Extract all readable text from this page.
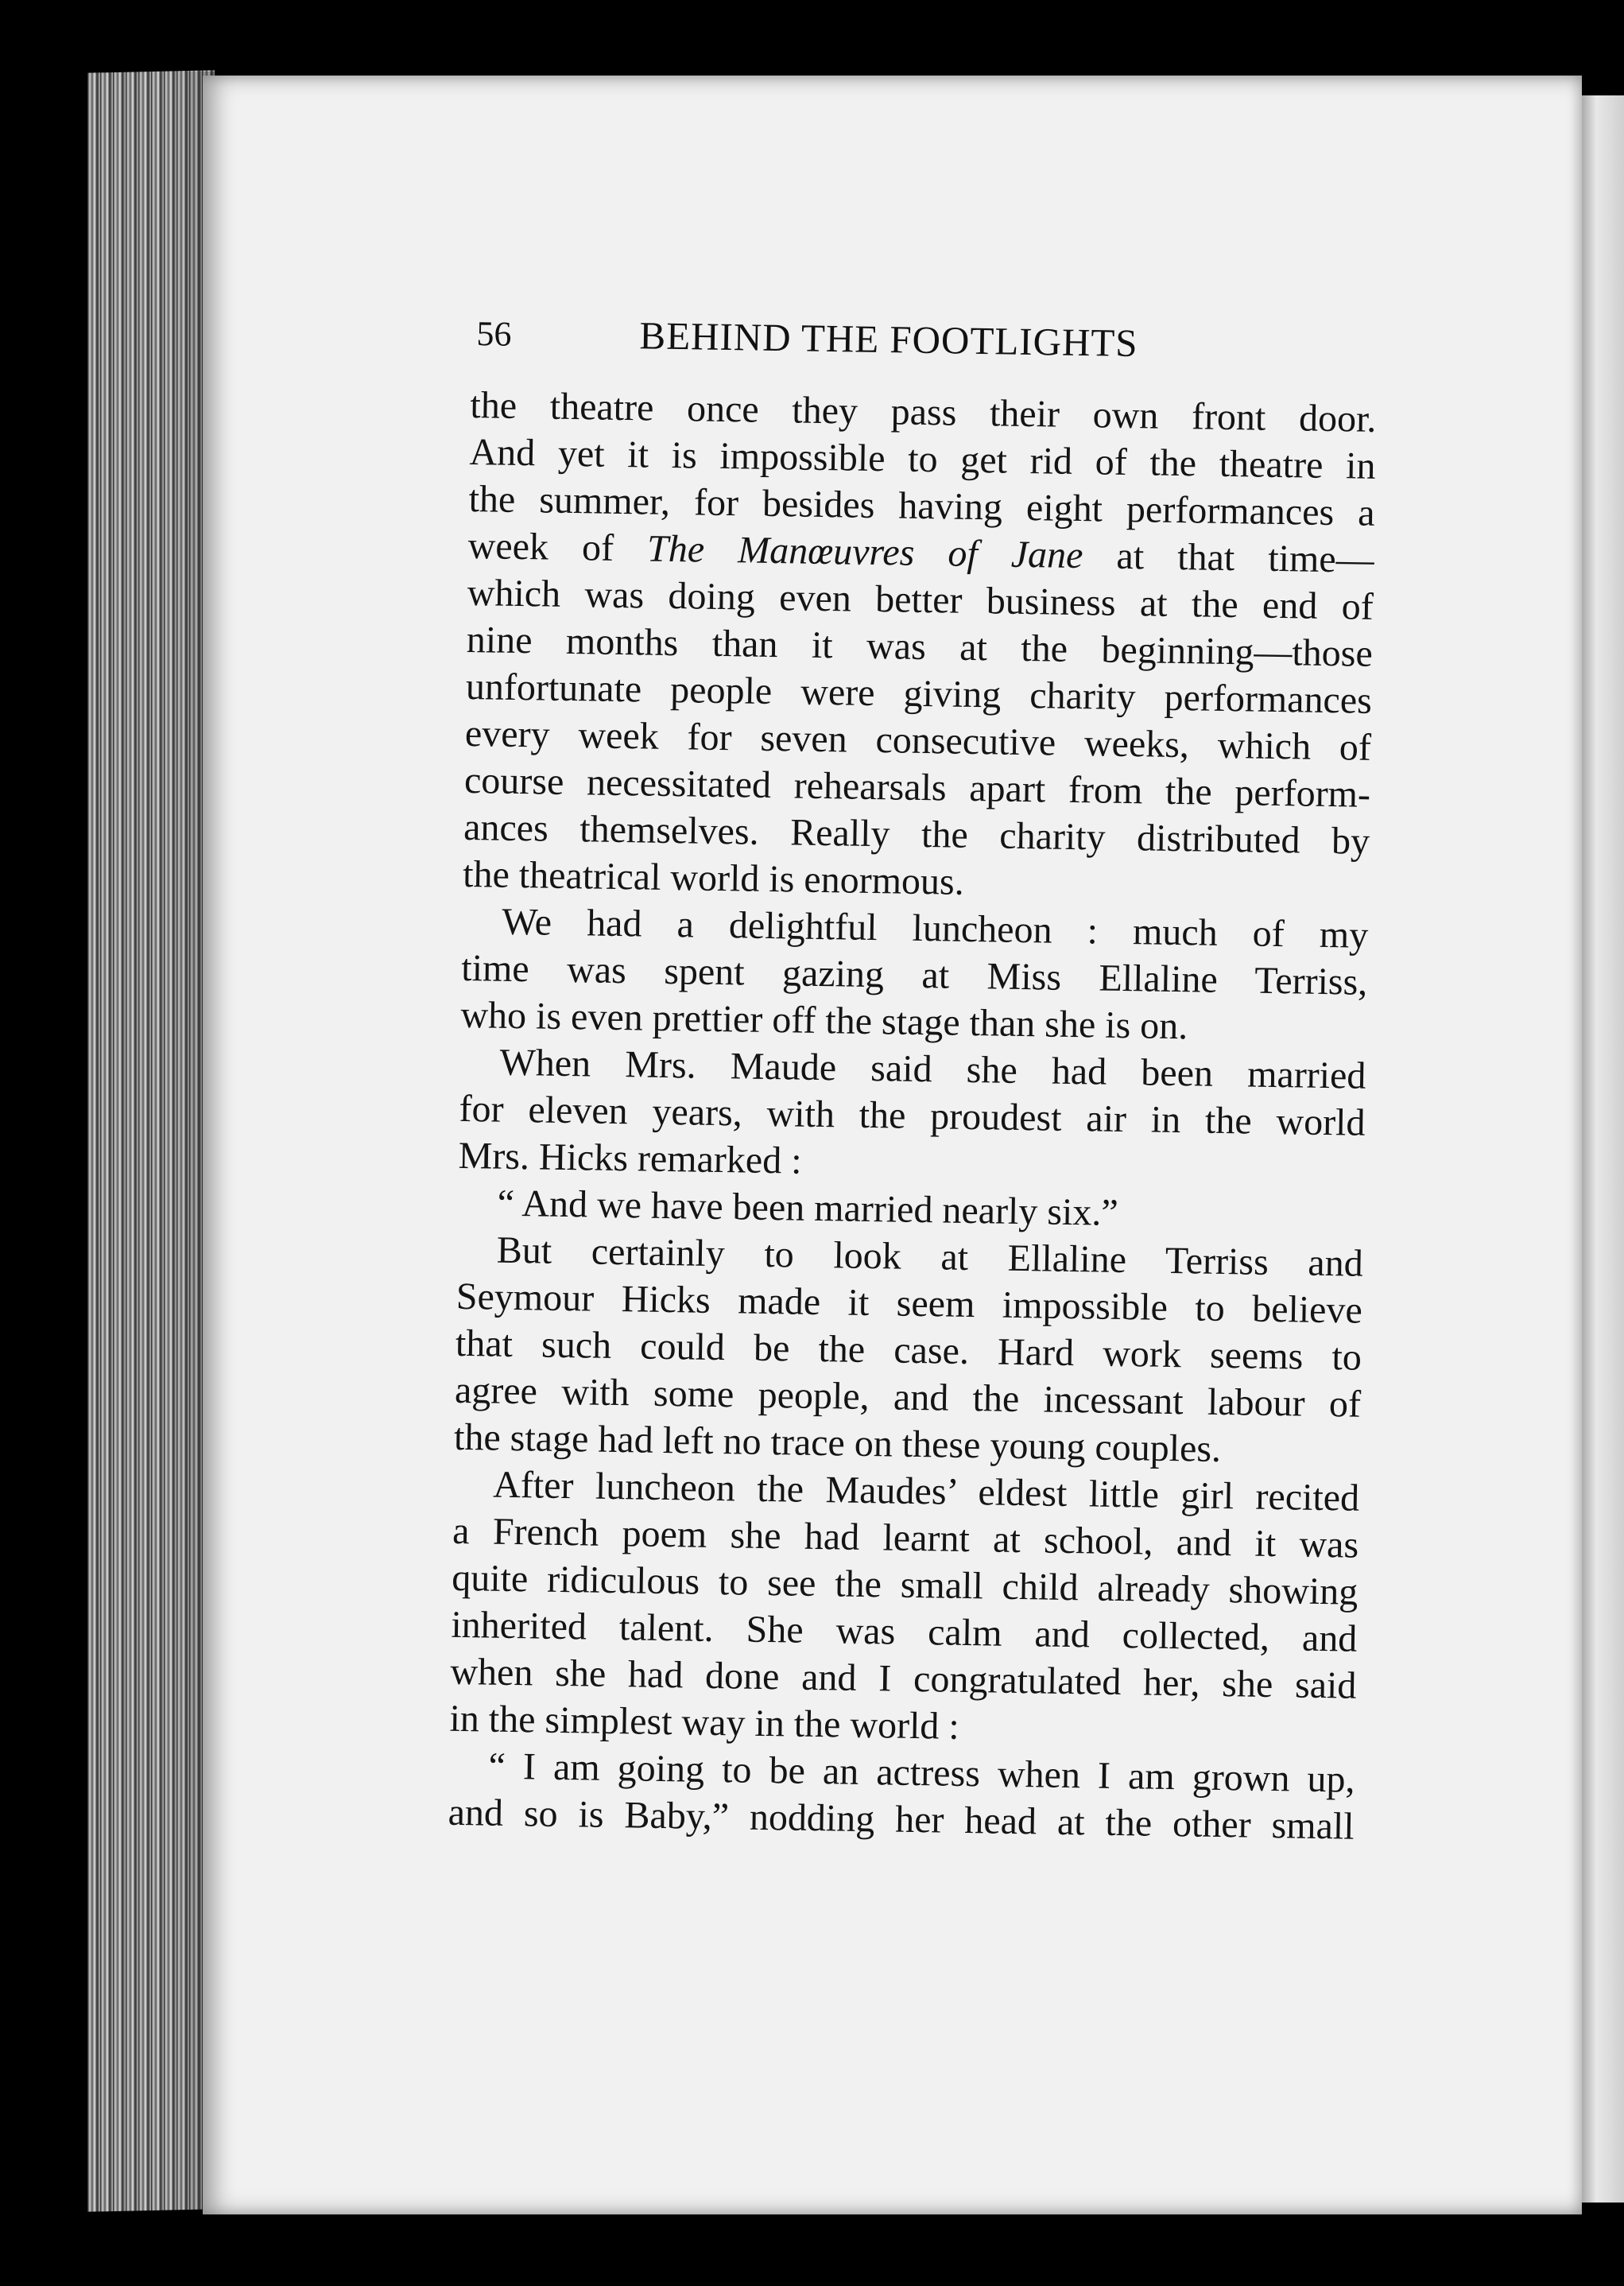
56	BEHIND THE FOOTLIGHTS
the theatre once they pass their own front door.
And yet it is impossible to get rid of the theatre in
the summer, for besides having eight performances a
week of The Manœuvres of Jane at that time—
which was doing even better business at the end of
nine months than it was at the beginning—those
unfortunate people were giving charity performances
every week for seven consecutive weeks, which of
course necessitated rehearsals apart from the perform-
ances themselves. Really the charity distributed by
the theatrical world is enormous.
We had a delightful luncheon : much of my
time was spent gazing at Miss Ellaline Terriss,
who is even prettier off the stage than she is on.
When Mrs. Maude said she had been married
for eleven years, with the proudest air in the world
Mrs. Hicks remarked :
“ And we have been married nearly six.”
But certainly to look at Ellaline Terriss and
Seymour Hicks made it seem impossible to believe
that such could be the case. Hard work seems to
agree with some people, and the incessant labour of
the stage had left no trace on these young couples.
After luncheon the Maudes’ eldest little girl recited
a French poem she had learnt at school, and it was
quite ridiculous to see the small child already showing
inherited talent. She was calm and collected, and
when she had done and I congratulated her, she said
in the simplest way in the world :
“ I am going to be an actress when I am grown up,
and so is Baby,” nodding her head at the other small
